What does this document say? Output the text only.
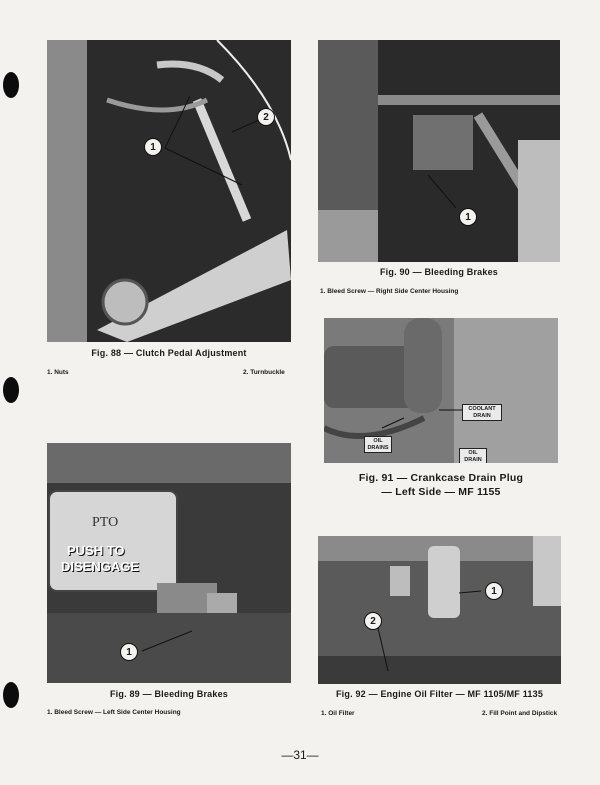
1
2
Fig. 88 — Clutch Pedal Adjustment
1. Nuts	2. Turnbuckle
PTO
PUSH TO
DISENGAGE
1
Fig. 89 — Bleeding Brakes
1. Bleed Screw — Left Side Center Housing
1
Fig. 90 — Bleeding Brakes
1. Bleed Screw — Right Side Center Housing
COOLANT DRAIN
OIL DRAINS
OIL DRAIN
Fig. 91 — Crankcase Drain Plug
— Left Side — MF 1155
1
2
Fig. 92 — Engine Oil Filter — MF 1105/MF 1135
1. Oil Filter	2. Fill Point and Dipstick
—31—
